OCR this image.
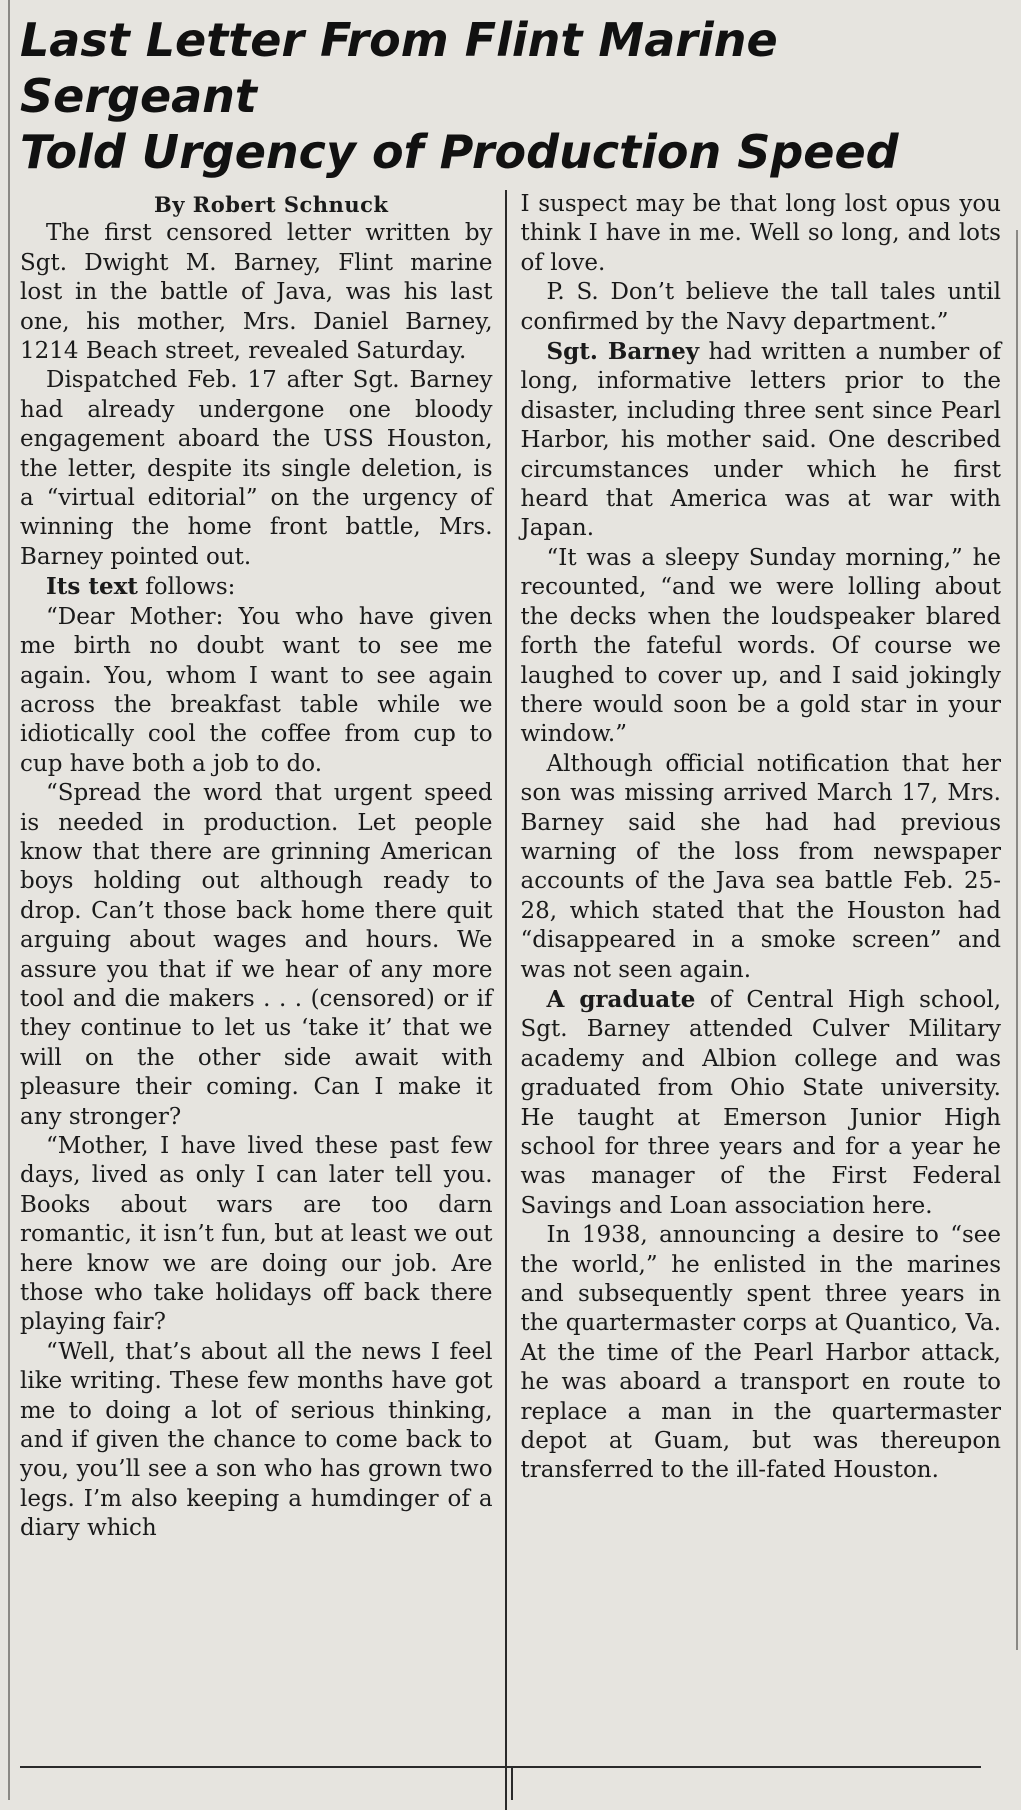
Last Letter From Flint Marine Sergeant
Told Urgency of Production Speed

By Robert Schnuck

The first censored letter written by Sgt. Dwight M. Barney, Flint marine lost in the battle of Java, was his last one, his mother, Mrs. Daniel Barney, 1214 Beach street, revealed Saturday.

Dispatched Feb. 17 after Sgt. Barney had already undergone one bloody engagement aboard the USS Houston, the letter, despite its single deletion, is a “virtual editorial” on the urgency of winning the home front battle, Mrs. Barney pointed out.

Its text follows:

“Dear Mother: You who have given me birth no doubt want to see me again. You, whom I want to see again across the breakfast table while we idiotically cool the coffee from cup to cup have both a job to do.

“Spread the word that urgent speed is needed in production. Let people know that there are grinning American boys holding out although ready to drop. Can’t those back home there quit arguing about wages and hours. We assure you that if we hear of any more tool and die makers . . . (censored) or if they continue to let us ‘take it’ that we will on the other side await with pleasure their coming. Can I make it any stronger?

“Mother, I have lived these past few days, lived as only I can later tell you. Books about wars are too darn romantic, it isn’t fun, but at least we out here know we are doing our job. Are those who take holidays off back there playing fair?

“Well, that’s about all the news I feel like writing. These few months have got me to doing a lot of serious thinking, and if given the chance to come back to you, you’ll see a son who has grown two legs. I’m also keeping a humdinger of a diary which

I suspect may be that long lost opus you think I have in me. Well so long, and lots of love.

P. S. Don’t believe the tall tales until confirmed by the Navy department.”

Sgt. Barney had written a number of long, informative letters prior to the disaster, including three sent since Pearl Harbor, his mother said. One described circumstances under which he first heard that America was at war with Japan.

“It was a sleepy Sunday morning,” he recounted, “and we were lolling about the decks when the loudspeaker blared forth the fateful words. Of course we laughed to cover up, and I said jokingly there would soon be a gold star in your window.”

Although official notification that her son was missing arrived March 17, Mrs. Barney said she had had previous warning of the loss from newspaper accounts of the Java sea battle Feb. 25-28, which stated that the Houston had “disappeared in a smoke screen” and was not seen again.

A graduate of Central High school, Sgt. Barney attended Culver Military academy and Albion college and was graduated from Ohio State university. He taught at Emerson Junior High school for three years and for a year he was manager of the First Federal Savings and Loan association here.

In 1938, announcing a desire to “see the world,” he enlisted in the marines and subsequently spent three years in the quartermaster corps at Quantico, Va. At the time of the Pearl Harbor attack, he was aboard a transport en route to replace a man in the quartermaster depot at Guam, but was thereupon transferred to the ill-fated Houston.
